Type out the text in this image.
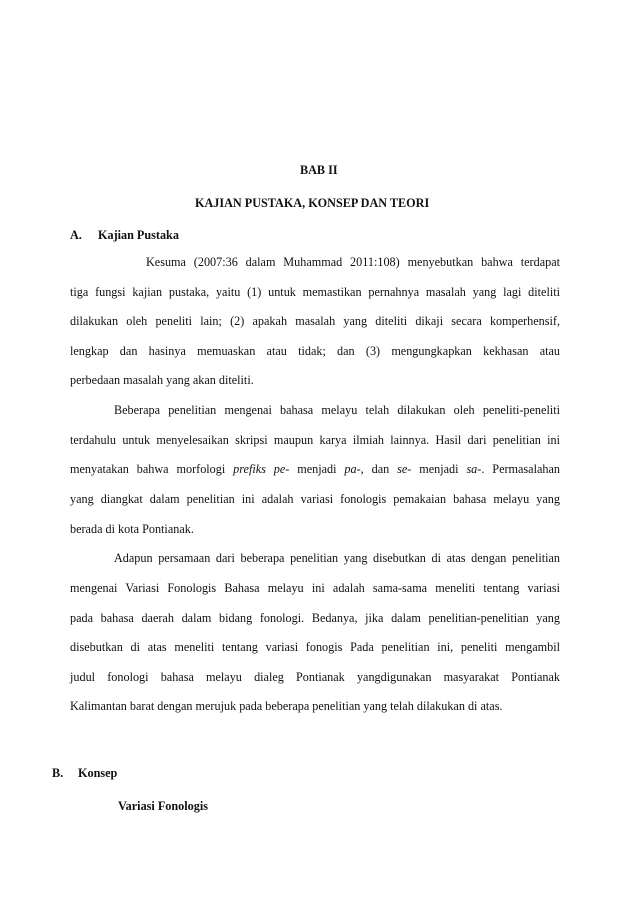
BAB II
KAJIAN PUSTAKA, KONSEP DAN TEORI
A. Kajian Pustaka
Kesuma (2007:36 dalam Muhammad 2011:108) menyebutkan bahwa terdapat
tiga fungsi kajian pustaka, yaitu (1) untuk memastikan pernahnya masalah yang lagi diteliti
dilakukan oleh peneliti lain; (2) apakah masalah yang diteliti dikaji secara komperhensif,
lengkap dan hasinya memuaskan atau tidak; dan (3) mengungkapkan kekhasan atau
perbedaan masalah yang akan diteliti.
Beberapa penelitian mengenai bahasa melayu telah dilakukan oleh peneliti-peneliti
terdahulu untuk menyelesaikan skripsi maupun karya ilmiah lainnya. Hasil dari penelitian ini
menyatakan bahwa morfologi prefiks pe- menjadi pa-, dan se- menjadi sa-. Permasalahan
yang diangkat dalam penelitian ini adalah variasi fonologis pemakaian bahasa melayu yang
berada di kota Pontianak.
Adapun persamaan dari beberapa penelitian yang disebutkan di atas dengan penelitian
mengenai Variasi Fonologis Bahasa melayu ini adalah sama-sama meneliti tentang variasi
pada bahasa daerah dalam bidang fonologi. Bedanya, jika dalam penelitian-penelitian yang
disebutkan di atas meneliti tentang variasi fonogis Pada penelitian ini, peneliti mengambil
judul fonologi bahasa melayu dialeg Pontianak yangdigunakan masyarakat Pontianak
Kalimantan barat dengan merujuk pada beberapa penelitian yang telah dilakukan di atas.
B. Konsep
Variasi Fonologis
